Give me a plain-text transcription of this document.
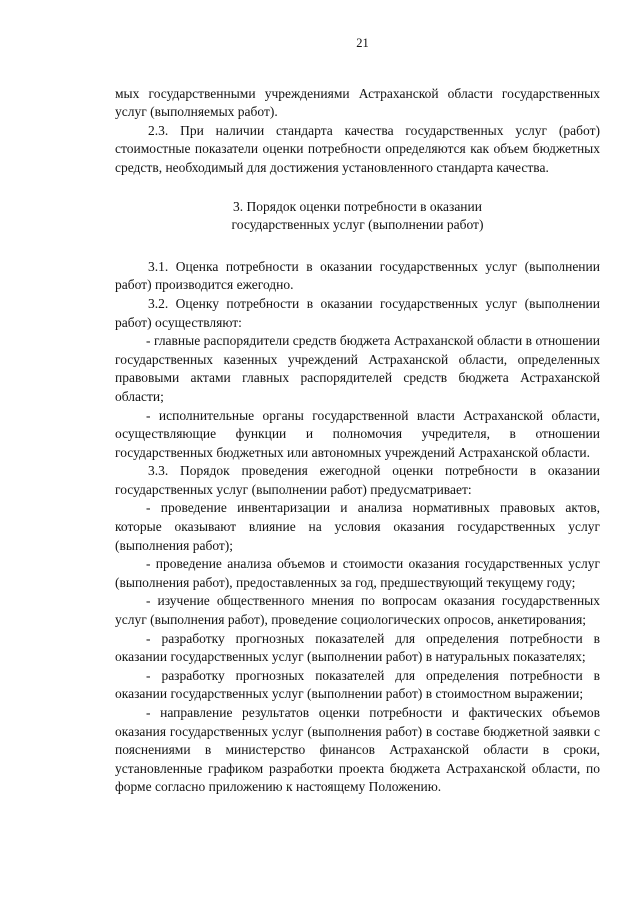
21

мых государственными учреждениями Астраханской области государственных услуг (выполняемых работ).

2.3. При наличии стандарта качества государственных услуг (работ) стоимостные показатели оценки потребности определяются как объем бюджетных средств, необходимый для достижения установленного стандарта качества.

3. Порядок оценки потребности в оказании
государственных услуг (выполнении работ)

3.1. Оценка потребности в оказании государственных услуг (выполнении работ) производится ежегодно.

3.2. Оценку потребности в оказании государственных услуг (выполнении работ) осуществляют:

- главные распорядители средств бюджета Астраханской области в отношении государственных казенных учреждений Астраханской области, определенных правовыми актами главных распорядителей средств бюджета Астраханской области;

- исполнительные органы государственной власти Астраханской области, осуществляющие функции и полномочия учредителя, в отношении государственных бюджетных или автономных учреждений Астраханской области.

3.3. Порядок проведения ежегодной оценки потребности в оказании государственных услуг (выполнении работ) предусматривает:

- проведение инвентаризации и анализа нормативных правовых актов, которые оказывают влияние на условия оказания государственных услуг (выполнения работ);

- проведение анализа объемов и стоимости оказания государственных услуг (выполнения работ), предоставленных за год, предшествующий текущему году;

- изучение общественного мнения по вопросам оказания государственных услуг (выполнения работ), проведение социологических опросов, анкетирования;

- разработку прогнозных показателей для определения потребности в оказании государственных услуг (выполнении работ) в натуральных показателях;

- разработку прогнозных показателей для определения потребности в оказании государственных услуг (выполнении работ) в стоимостном выражении;

- направление результатов оценки потребности и фактических объемов оказания государственных услуг (выполнения работ) в составе бюджетной заявки с пояснениями в министерство финансов Астраханской области в сроки, установленные графиком разработки проекта бюджета Астраханской области, по форме согласно приложению к настоящему Положению.
